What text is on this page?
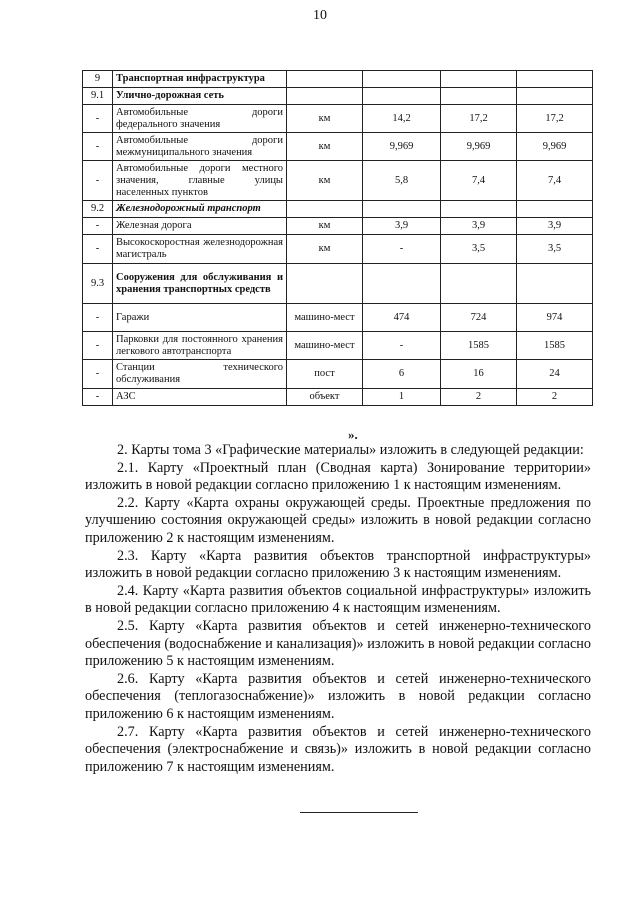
10
9	Транспортная инфраструктура				
9.1	Улично-дорожная сеть				
-	Автомобильные дороги федерального значения	км	14,2	17,2	17,2
-	Автомобильные дороги межмуниципального значения	км	9,969	9,969	9,969
-	Автомобильные дороги местного значения, главные улицы населенных пунктов	км	5,8	7,4	7,4
9.2	Железнодорожный транспорт				
-	Железная дорога	км	3,9	3,9	3,9
-	Высокоскоростная железнодорожная магистраль	км	-	3,5	3,5
9.3	Сооружения для обслуживания и хранения транспортных средств				
-	Гаражи	машино-мест	474	724	974
-	Парковки для постоянного хранения легкового автотранспорта	машино-мест	-	1585	1585
-	Станции технического обслуживания	пост	6	16	24
-	АЗС	объект	1	2	2
».

2. Карты тома 3 «Графические материалы» изложить в следующей редакции:

2.1. Карту «Проектный план (Сводная карта) Зонирование территории» изложить в новой редакции согласно приложению 1 к настоящим изменениям.

2.2. Карту «Карта охраны окружающей среды. Проектные предложения по улучшению состояния окружающей среды» изложить в новой редакции согласно приложению 2 к настоящим изменениям.

2.3. Карту «Карта развития объектов транспортной инфраструктуры» изложить в новой редакции согласно приложению 3 к настоящим изменениям.

2.4. Карту «Карта развития объектов социальной инфраструктуры» изложить в новой редакции согласно приложению 4 к настоящим изменениям.

2.5. Карту «Карта развития объектов и сетей инженерно-технического обеспечения (водоснабжение и канализация)» изложить в новой редакции согласно приложению 5 к настоящим изменениям.

2.6. Карту «Карта развития объектов и сетей инженерно-технического обеспечения (теплогазоснабжение)» изложить в новой редакции согласно приложению 6 к настоящим изменениям.

2.7. Карту «Карта развития объектов и сетей инженерно-технического обеспечения (электроснабжение и связь)» изложить в новой редакции согласно приложению 7 к настоящим изменениям.
